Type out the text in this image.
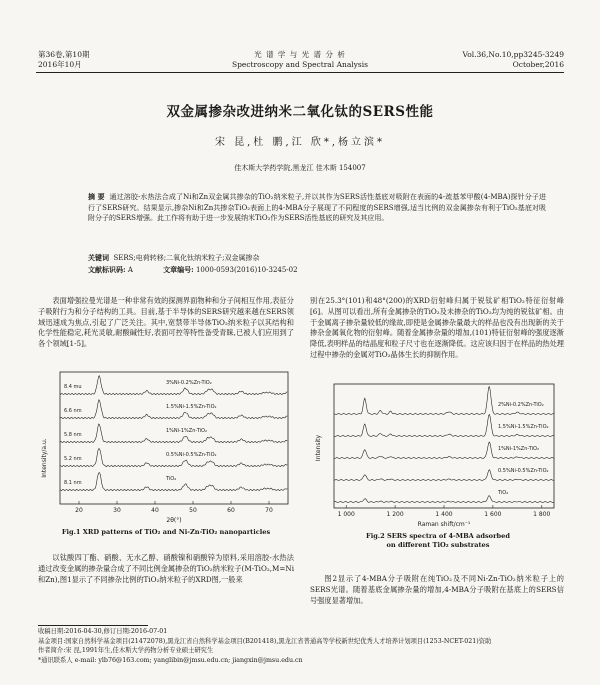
第36卷,第10期
2016年10月
光 谱 学 与 光 谱 分 析
Spectroscopy and Spectral Analysis
Vol.36,No.10,pp3245-3249
October,2016
双金属掺杂改进纳米二氧化钛的SERS性能
宋 昆,杜 鹏,江 欣*,杨立滨*
佳木斯大学药学院,黑龙江 佳木斯 154007
摘 要 通过溶胶-水热法合成了Ni和Zn双金属共掺杂的TiO₂纳米粒子,并以其作为SERS活性基底对吸附在表面的4-巯基苯甲酸(4-MBA)探针分子进行了SERS研究。结果显示,掺杂Ni和Zn共掺杂TiO₂表面上的4-MBA分子展现了不同程度的SERS增强,适当比例的双金属掺杂有利于TiO₂基底对吸附分子的SERS增强。此工作将有助于进一步发展纳米TiO₂作为SERS活性基底的研究及其应用。
关键词 SERS;电荷转移;二氧化钛纳米粒子;双金属掺杂
文献标识码: A	文章编号: 1000-0593(2016)10-3245-02
表面增强拉曼光谱是一种非常有效的探测界面物种和分子间相互作用,表征分子吸附行为和分子结构的工具。目前,基于半导体的SERS研究越来越在SERS领域迅速成为焦点,引起了广泛关注。其中,宽禁带半导体TiO₂纳米粒子以其结构和化学性能稳定,耗光灵敏,耐酸碱性好,表面可控等特性备受青睐,已被人们应用到了各个领域[1-5]。
别在25.3°(101)和48°(200)的XRD衍射峰归属于锐钛矿相TiO₂特征衍射峰[6]。从图可以看出,所有金属掺杂的TiO₂及未掺杂的TiO₂均为纯的锐钛矿相。由于金属离子掺杂量较低的缘故,即使是金属掺杂量最大的样品也没有出现新的关于掺杂金属氧化物的衍射峰。随着金属掺杂量的增加,(101)特征衍射峰的强度逐渐降低,表明样品的结晶度和粒子尺寸也在逐渐降低。这应该归因于在样品的热处理过程中掺杂的金属对TiO₂晶体生长的抑制作用。
8.4 mu
3%Ni-0.2%Zn-TiO₂
6.6 nm
1.5%Ni-1.5%Zn-TiO₂
5.8 nm
1%Ni-1%Zn-TiO₂
5.2 nm
0.5%Ni-0.5%Zn-TiO₂
8.1 nm
TiO₂
20	30	40	50	60	70
Intensity/a.u.
2θ(°)
Fig.1 XRD patterns of TiO₂ and Ni-Zn-TiO₂ nanoparticles
2%Ni-0.2%Zn-TiO₂
1.5%Ni-1.5%Zn-TiO₂
1%Ni-1%Zn-TiO₂
0.5%Ni-0.5%Zn-TiO₂
TiO₂
1 000	1 200	1 400	1 600	1 800
Intensity
Raman shift/cm⁻¹
Fig.2 SERS spectra of 4-MBA adsorbed
on different TiO₂ substrates
以钛酸四丁酯、硝酸、无水乙醇、硝酸镍和硝酸锌为原料,采用溶胶-水热法通过改变金属的掺杂量合成了不同比例金属掺杂的TiO₂纳米粒子(M-TiO₂,M=Ni和Zn),图1显示了不同掺杂比例的TiO₂纳米粒子的XRD图,一般来	图2显示了4-MBA分子吸附在纯TiO₂及不同Ni-Zn-TiO₂纳米粒子上的SERS光谱。随着基底金属掺杂量的增加,4-MBA分子吸附在基底上的SERS信号强度显著增加。
收稿日期:2016-04-30,修订日期:2016-07-01
基金项目:国家自然科学基金项目(21472078),黑龙江省自然科学基金项目(B201418),黑龙江省普通高等学校新世纪优秀人才培养计划项目(1253-NCET-021)资助
作者简介:宋 昆,1991年生,佳木斯大学药物分析专业硕士研究生
*通讯联系人 e-mail: ylb76@163.com; yanglibin@jmsu.edu.cn; jiangxin@jmsu.edu.cn
